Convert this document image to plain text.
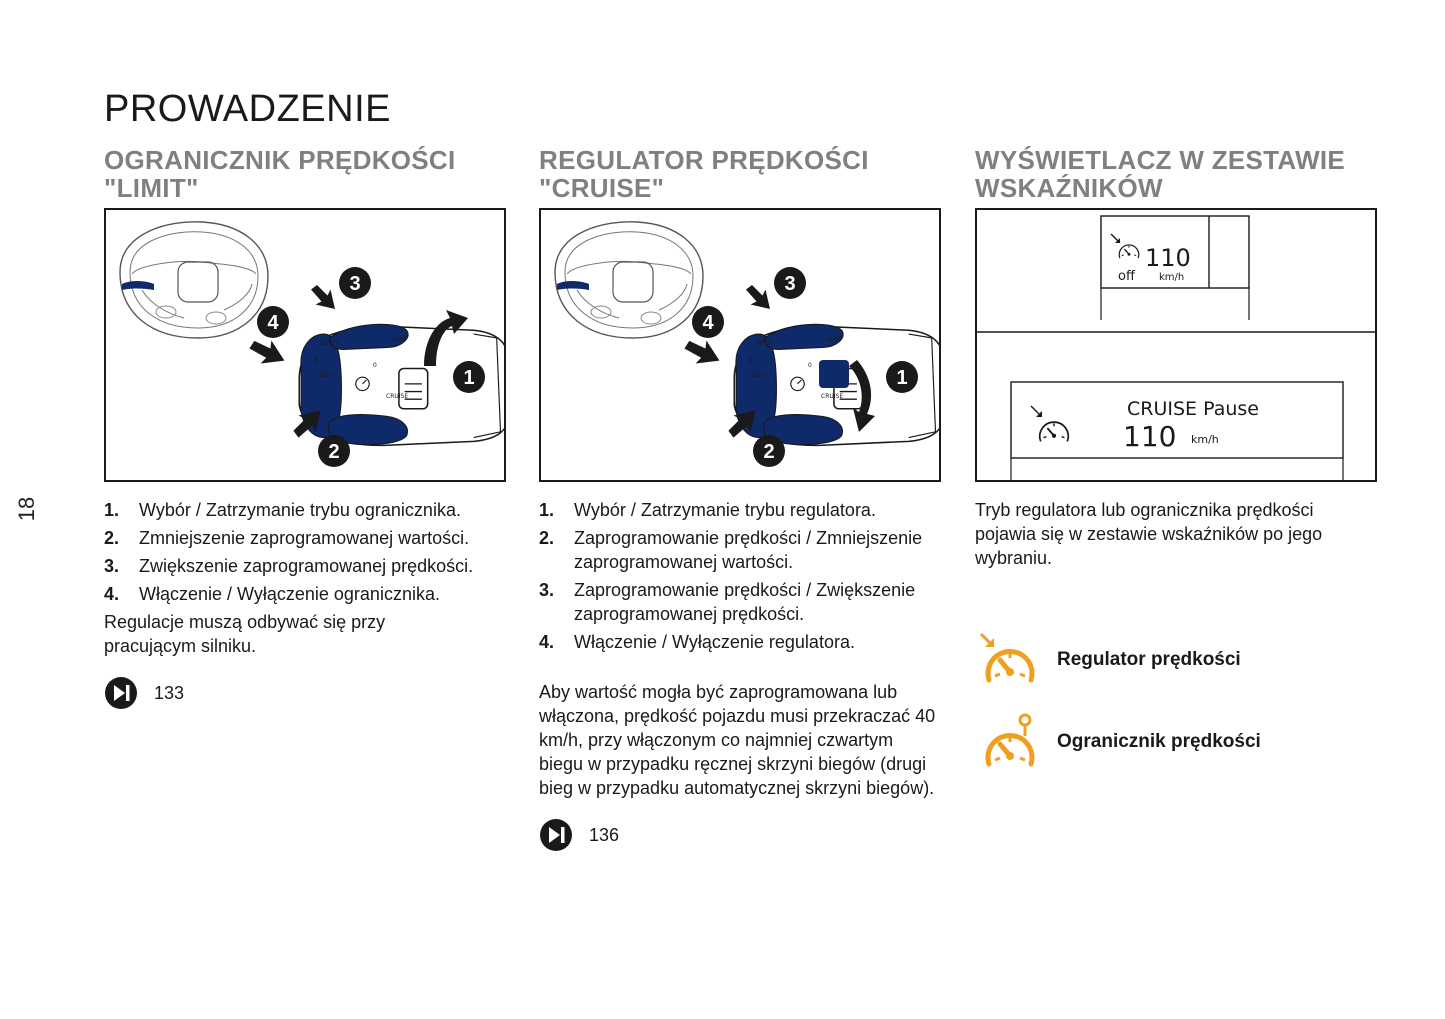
18
PROWADZENIE
OGRANICZNIK PRĘDKOŚCI "LIMIT"
SET/+
II
SET/-
LIMIT
0
CRUISE
3
4
1
2
1.	Wybór / Zatrzymanie trybu ogranicznika.
2.	Zmniejszenie zaprogramowanej wartości.
3.	Zwiększenie zaprogramowanej prędkości.
4.	Włączenie / Wyłączenie ogranicznika.

Regulacje muszą odbywać się przy pracującym silniku.

133
REGULATOR PRĘDKOŚCI "CRUISE"
SET/+
II
SET/-
LIMIT
0
CRUISE
3
4
1
2
1.	Wybór / Zatrzymanie trybu regulatora.
2.	Zaprogramowanie prędkości / Zmniejszenie zaprogramowanej wartości.
3.	Zaprogramowanie prędkości / Zwiększenie zaprogramowanej prędkości.
4.	Włączenie / Wyłączenie regulatora.

Aby wartość mogła być zaprogramowana lub włączona, prędkość pojazdu musi przekraczać 40 km/h, przy włączonym co najmniej czwartym biegu w przypadku ręcznej skrzyni biegów (drugi bieg w przypadku automatycznej skrzyni biegów).

136
WYŚWIETLACZ W ZESTAWIE WSKAŹNIKÓW
110
off km/h
CRUISE Pause
110 km/h

Tryb regulatora lub ogranicznika prędkości pojawia się w zestawie wskaźników po jego wybraniu.

Regulator prędkości
Ogranicznik prędkości
